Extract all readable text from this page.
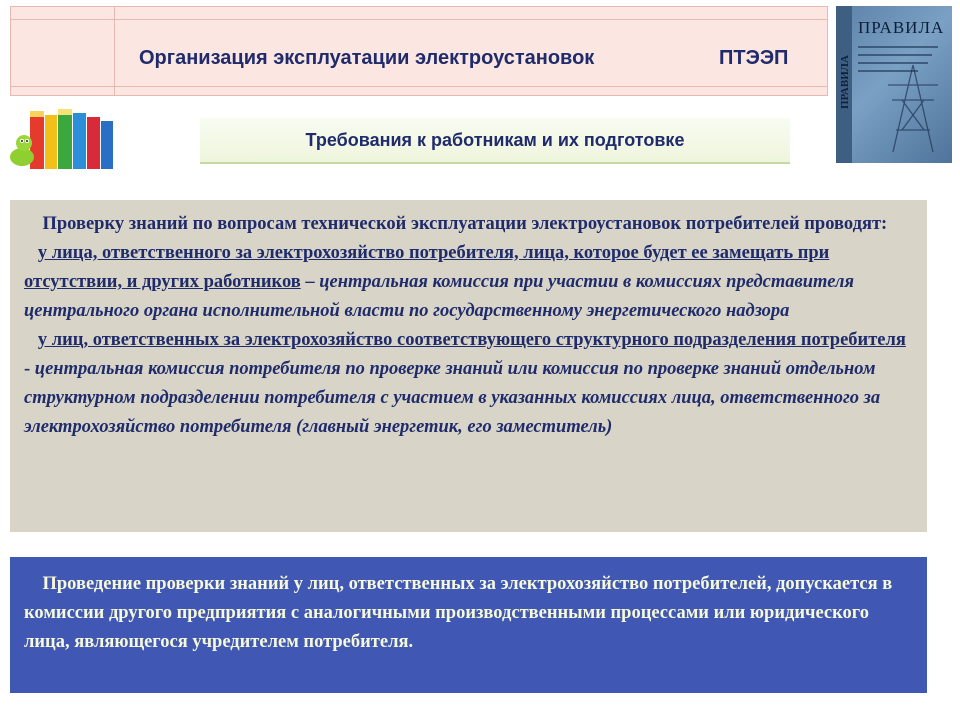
Организация эксплуатации электроустановок	ПТЭЭП	ПРАВИЛА
ПРАВИЛА
Требования к работникам и их подготовке

Проверку знаний по вопросам технической эксплуатации электроустановок потребителей проводят:
у лица, ответственного за электрохозяйство потребителя, лица, которое будет ее замещать при отсутствии, и других работников – центральная комиссия при участии в комиссиях представителя центрального органа исполнительной власти по государственному энергетического надзора
у лиц, ответственных за электрохозяйство соответствующего структурного подразделения потребителя - центральная комиссия потребителя по проверке знаний или комиссия по проверке знаний отдельном структурном подразделении потребителя с участием в указанных комиссиях лица, ответственного за электрохозяйство потребителя (главный энергетик, его заместитель)

Проведение проверки знаний у лиц, ответственных за электрохозяйство потребителей, допускается в комиссии другого предприятия с аналогичными производственными процессами или юридического лица, являющегося учредителем потребителя.
